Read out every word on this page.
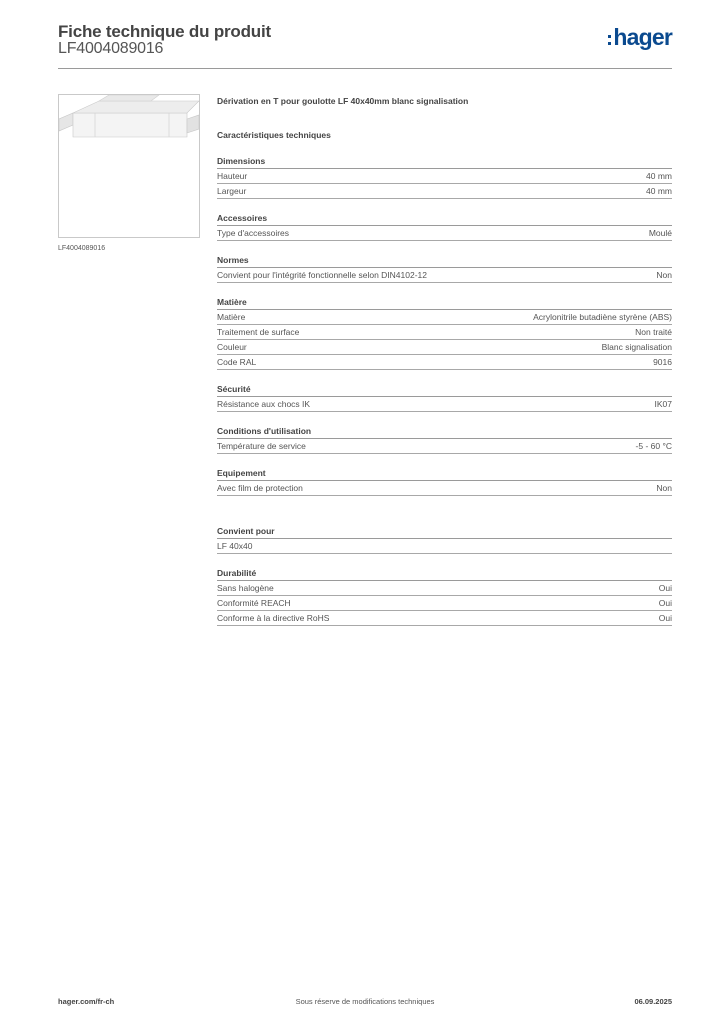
Fiche technique du produit
LF4004089016	hager
LF4004089016
Dérivation en T pour goulotte LF 40x40mm blanc signalisation
Caractéristiques techniques
Dimensions
Hauteur	40 mm
Largeur	40 mm
Accessoires
Type d'accessoires	Moulé
Normes
Convient pour l'intégrité fonctionnelle selon DIN4102-12	Non
Matière
Matière	Acrylonitrile butadiène styrène (ABS)
Traitement de surface	Non traité
Couleur	Blanc signalisation
Code RAL	9016
Sécurité
Résistance aux chocs IK	IK07
Conditions d'utilisation
Température de service	-5 - 60 °C
Equipement
Avec film de protection	Non
Convient pour
LF 40x40
Durabilité
Sans halogène	Oui
Conformité REACH	Oui
Conforme à la directive RoHS	Oui
hager.com/fr-ch	Sous réserve de modifications techniques	06.09.2025
